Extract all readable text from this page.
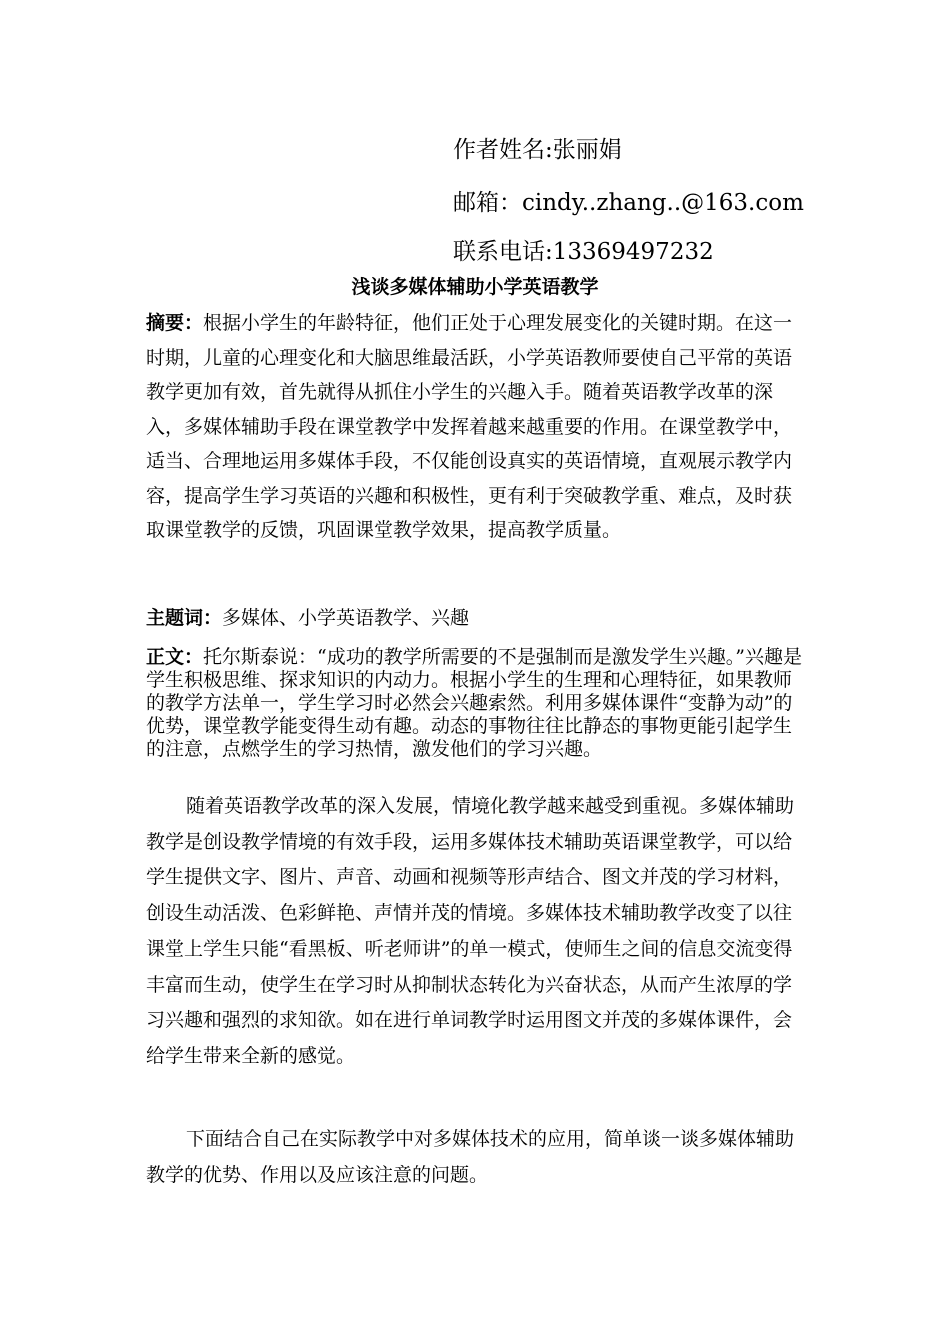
作者姓名:张丽娟
邮箱：cindy..zhang..@163.com
联系电话:13369497232
浅谈多媒体辅助小学英语教学
摘要：根据小学生的年龄特征，他们正处于心理发展变化的关键时期。在这一时期，儿童的心理变化和大脑思维最活跃，小学英语教师要使自己平常的英语教学更加有效，首先就得从抓住小学生的兴趣入手。随着英语教学改革的深入，多媒体辅助手段在课堂教学中发挥着越来越重要的作用。在课堂教学中，适当、合理地运用多媒体手段，不仅能创设真实的英语情境，直观展示教学内容，提高学生学习英语的兴趣和积极性，更有利于突破教学重、难点，及时获取课堂教学的反馈，巩固课堂教学效果，提高教学质量。
主题词：多媒体、小学英语教学、兴趣
正文：托尔斯泰说：“成功的教学所需要的不是强制而是激发学生兴趣。”兴趣是学生积极思维、探求知识的内动力。根据小学生的生理和心理特征，如果教师的教学方法单一，学生学习时必然会兴趣索然。利用多媒体课件“变静为动”的优势，课堂教学能变得生动有趣。动态的事物往往比静态的事物更能引起学生的注意，点燃学生的学习热情，激发他们的学习兴趣。

随着英语教学改革的深入发展，情境化教学越来越受到重视。多媒体辅助教学是创设教学情境的有效手段，运用多媒体技术辅助英语课堂教学，可以给学生提供文字、图片、声音、动画和视频等形声结合、图文并茂的学习材料，创设生动活泼、色彩鲜艳、声情并茂的情境。多媒体技术辅助教学改变了以往课堂上学生只能“看黑板、听老师讲”的单一模式，使师生之间的信息交流变得丰富而生动，使学生在学习时从抑制状态转化为兴奋状态，从而产生浓厚的学习兴趣和强烈的求知欲。如在进行单词教学时运用图文并茂的多媒体课件，会给学生带来全新的感觉。

下面结合自己在实际教学中对多媒体技术的应用，简单谈一谈多媒体辅助教学的优势、作用以及应该注意的问题。
